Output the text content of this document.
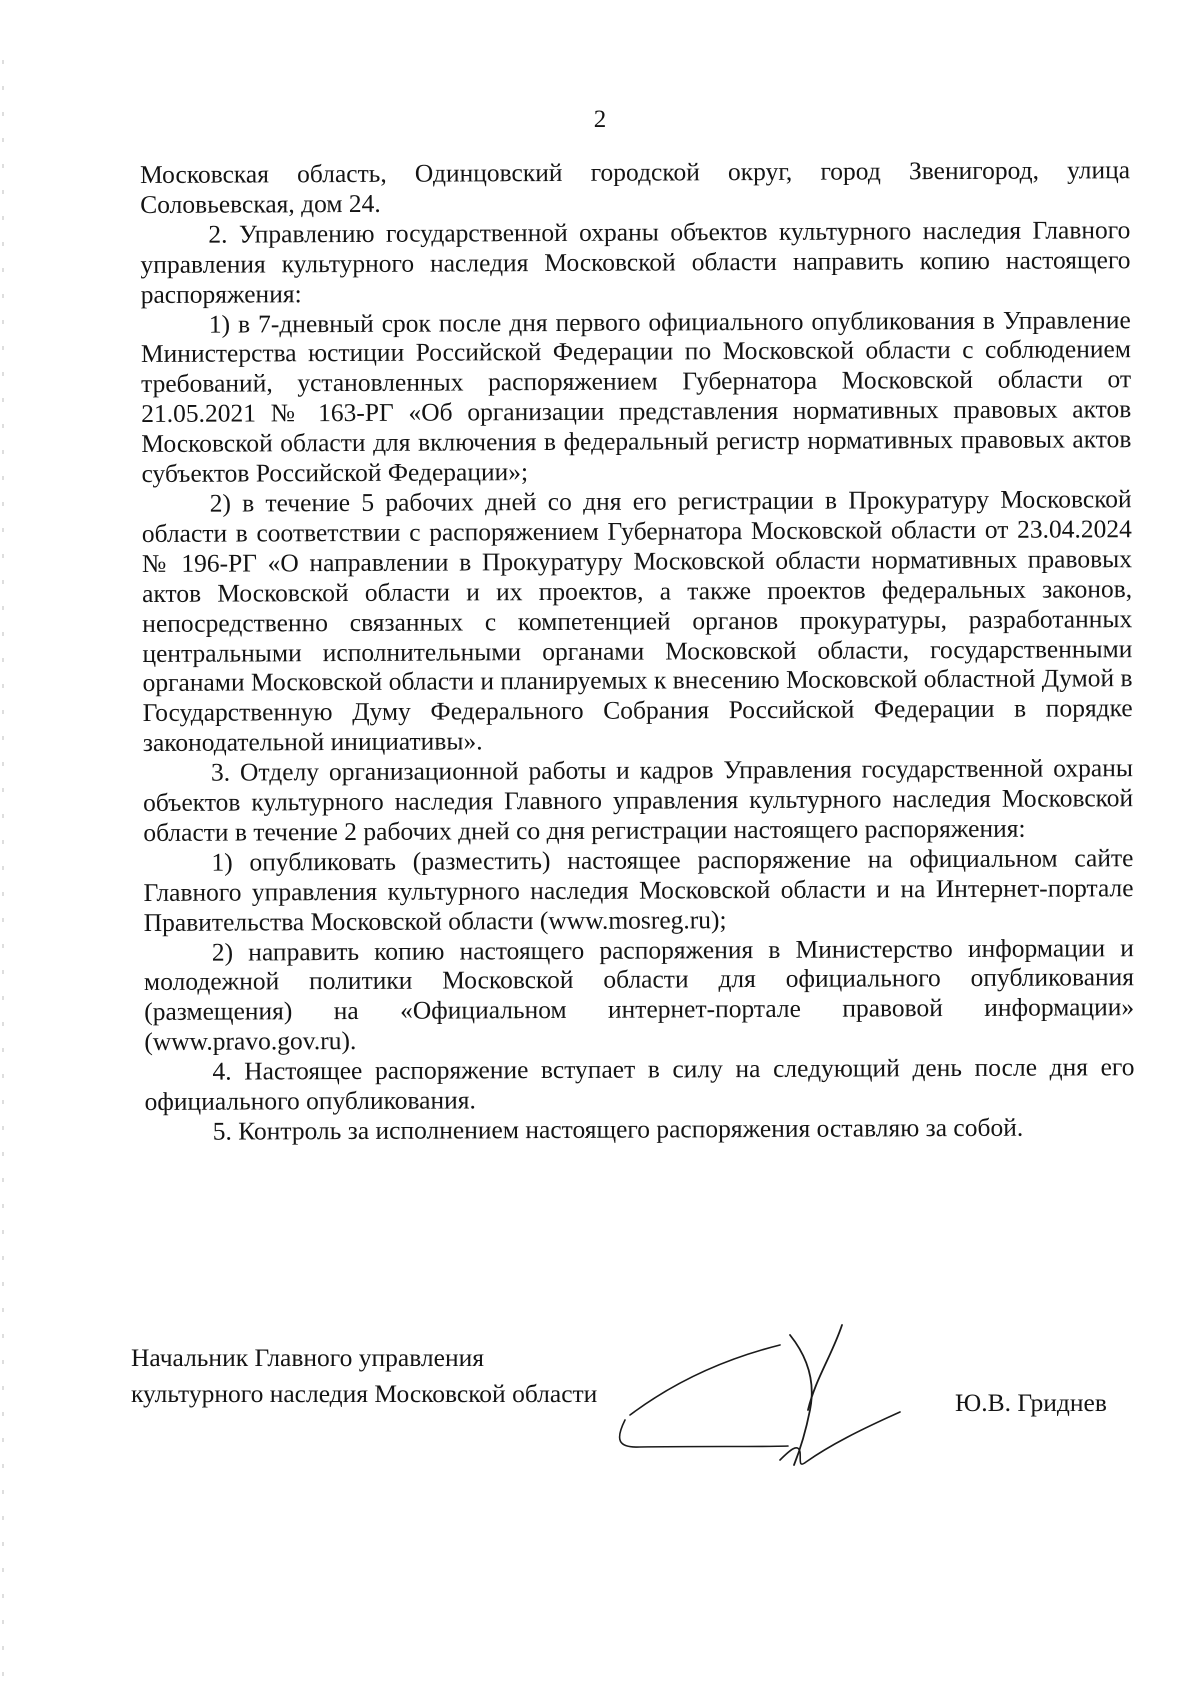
2

Московская область, Одинцовский городской округ, город Звенигород, улица Соловьевская, дом 24.

2. Управлению государственной охраны объектов культурного наследия Главного управления культурного наследия Московской области направить копию настоящего распоряжения:

1) в 7-дневный срок после дня первого официального опубликования в Управление Министерства юстиции Российской Федерации по Московской области с соблюдением требований, установленных распоряжением Губернатора Московской области от 21.05.2021 № 163-РГ «Об организации представления нормативных правовых актов Московской области для включения в федеральный регистр нормативных правовых актов субъектов Российской Федерации»;

2) в течение 5 рабочих дней со дня его регистрации в Прокуратуру Московской области в соответствии с распоряжением Губернатора Московской области от 23.04.2024 № 196-РГ «О направлении в Прокуратуру Московской области нормативных правовых актов Московской области и их проектов, а также проектов федеральных законов, непосредственно связанных с компетенцией органов прокуратуры, разработанных центральными исполнительными органами Московской области, государственными органами Московской области и планируемых к внесению Московской областной Думой в Государственную Думу Федерального Собрания Российской Федерации в порядке законодательной инициативы».

3. Отделу организационной работы и кадров Управления государственной охраны объектов культурного наследия Главного управления культурного наследия Московской области в течение 2 рабочих дней со дня регистрации настоящего распоряжения:

1) опубликовать (разместить) настоящее распоряжение на официальном сайте Главного управления культурного наследия Московской области и на Интернет-портале Правительства Московской области (www.mosreg.ru);

2) направить копию настоящего распоряжения в Министерство информации и молодежной политики Московской области для официального опубликования (размещения) на «Официальном интернет-портале правовой информации» (www.pravo.gov.ru).

4. Настоящее распоряжение вступает в силу на следующий день после дня его официального опубликования.

5. Контроль за исполнением настоящего распоряжения оставляю за собой.

Начальник Главного управления
культурного наследия Московской области	Ю.В. Гриднев
